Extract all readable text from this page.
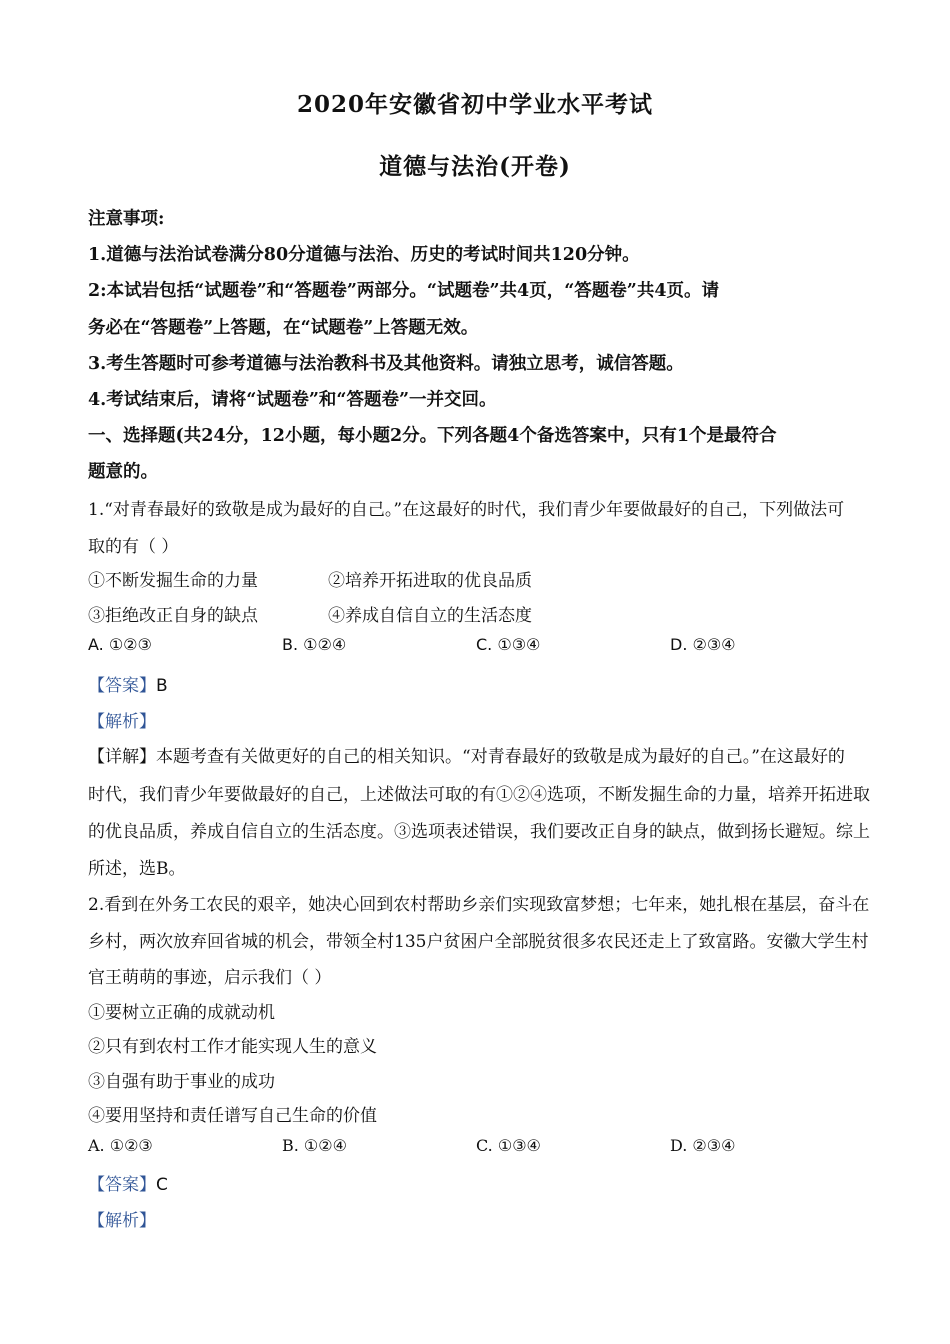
2020年安徽省初中学业水平考试
道德与法治(开卷)
注意事项:
1.道德与法治试卷满分80分道德与法治、历史的考试时间共120分钟。
2:本试岩包括“试题卷”和“答题卷”两部分。“试题卷”共4页，“答题卷”共4页。请
务必在“答题卷”上答题，在“试题卷”上答题无效。
3.考生答题时可参考道德与法治教科书及其他资料。请独立思考，诚信答题。
4.考试结束后，请将“试题卷”和“答题卷”一并交回。
一、选择题(共24分，12小题，每小题2分。下列各题4个备选答案中，只有1个是最符合
题意的。
1.“对青春最好的致敬是成为最好的自己。”在这最好的时代，我们青少年要做最好的自己，下列做法可
取的有（ ）
①不断发掘生命的力量	②培养开拓进取的优良品质
③拒绝改正自身的缺点	④养成自信自立的生活态度
A. ①②③	B. ①②④	C. ①③④	D. ②③④
【答案】B
【解析】
【详解】本题考查有关做更好的自己的相关知识。“对青春最好的致敬是成为最好的自己。”在这最好的
时代，我们青少年要做最好的自己，上述做法可取的有①②④选项，不断发掘生命的力量，培养开拓进取
的优良品质，养成自信自立的生活态度。③选项表述错误，我们要改正自身的缺点，做到扬长避短。综上
所述，选B。
2.看到在外务工农民的艰辛，她决心回到农村帮助乡亲们实现致富梦想；七年来，她扎根在基层，奋斗在
乡村，两次放弃回省城的机会，带领全村135户贫困户全部脱贫很多农民还走上了致富路。安徽大学生村
官王萌萌的事迹，启示我们（ ）
①要树立正确的成就动机
②只有到农村工作才能实现人生的意义
③自强有助于事业的成功
④要用坚持和责任谱写自己生命的价值
A. ①②③	B. ①②④	C. ①③④	D. ②③④
【答案】C
【解析】
